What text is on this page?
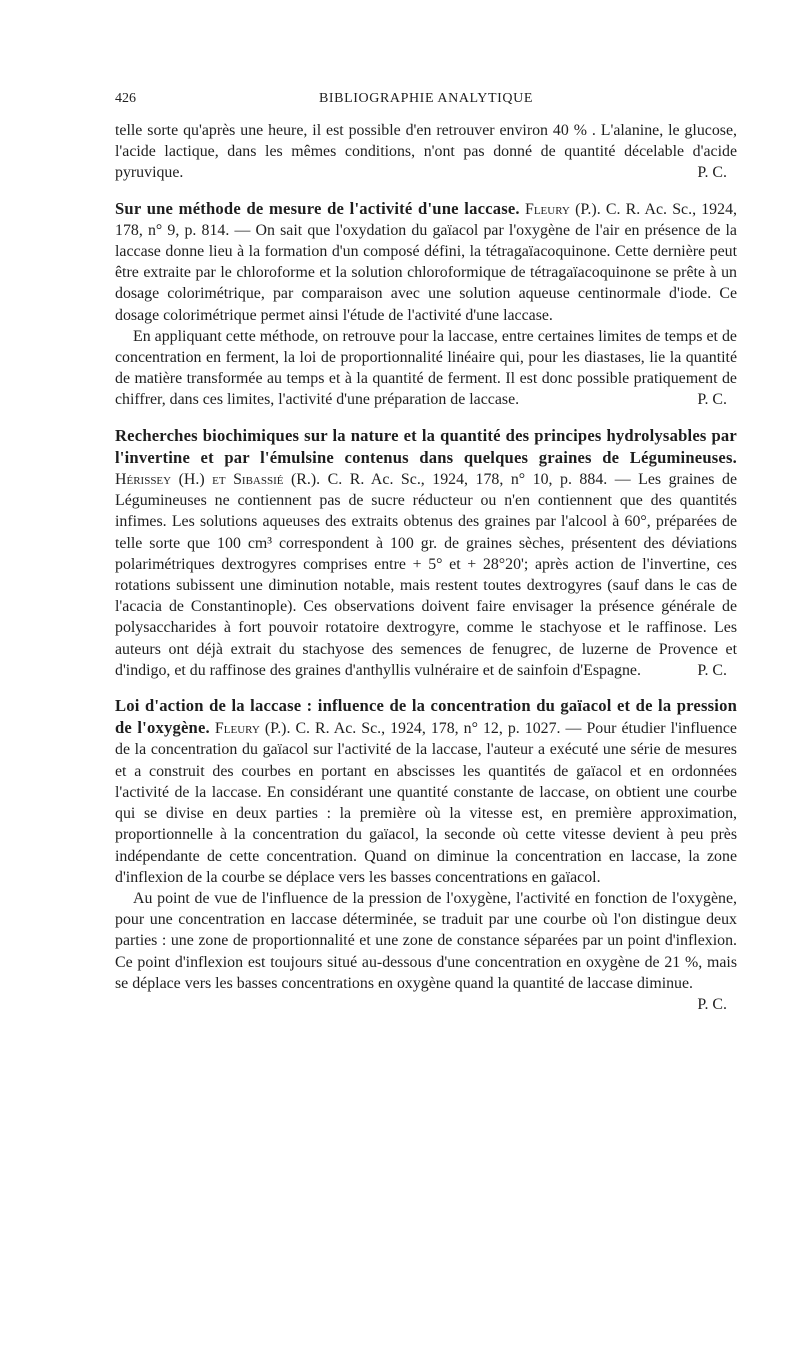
426	BIBLIOGRAPHIE ANALYTIQUE

telle sorte qu'après une heure, il est possible d'en retrouver environ 40 % . L'alanine, le glucose, l'acide lactique, dans les mêmes conditions, n'ont pas donné de quantité décelable d'acide pyruvique.	P. C.

Sur une méthode de mesure de l'activité d'une laccase. Fleury (P.). C. R. Ac. Sc., 1924, 178, n° 9, p. 814. — On sait que l'oxydation du gaïacol par l'oxygène de l'air en présence de la laccase donne lieu à la formation d'un composé défini, la tétragaïacoquinone. Cette dernière peut être extraite par le chloroforme et la solution chloroformique de tétragaïacoquinone se prête à un dosage colorimétrique, par comparaison avec une solution aqueuse centinormale d'iode. Ce dosage colorimétrique permet ainsi l'étude de l'activité d'une laccase.

En appliquant cette méthode, on retrouve pour la laccase, entre certaines limites de temps et de concentration en ferment, la loi de proportionnalité linéaire qui, pour les diastases, lie la quantité de matière transformée au temps et à la quantité de ferment. Il est donc possible pratiquement de chiffrer, dans ces limites, l'activité d'une préparation de laccase.	P. C.

Recherches biochimiques sur la nature et la quantité des principes hydrolysables par l'invertine et par l'émulsine contenus dans quelques graines de Légumineuses. Hérissey (H.) et Sibassié (R.). C. R. Ac. Sc., 1924, 178, n° 10, p. 884. — Les graines de Légumineuses ne contiennent pas de sucre réducteur ou n'en contiennent que des quantités infimes. Les solutions aqueuses des extraits obtenus des graines par l'alcool à 60°, préparées de telle sorte que 100 cm³ correspondent à 100 gr. de graines sèches, présentent des déviations polarimétriques dextrogyres comprises entre + 5° et + 28°20'; après action de l'invertine, ces rotations subissent une diminution notable, mais restent toutes dextrogyres (sauf dans le cas de l'acacia de Constantinople). Ces observations doivent faire envisager la présence générale de polysaccharides à fort pouvoir rotatoire dextrogyre, comme le stachyose et le raffinose. Les auteurs ont déjà extrait du stachyose des semences de fenugrec, de luzerne de Provence et d'indigo, et du raffinose des graines d'anthyllis vulnéraire et de sainfoin d'Espagne.	P. C.

Loi d'action de la laccase : influence de la concentration du gaïacol et de la pression de l'oxygène. Fleury (P.). C. R. Ac. Sc., 1924, 178, n° 12, p. 1027. — Pour étudier l'influence de la concentration du gaïacol sur l'activité de la laccase, l'auteur a exécuté une série de mesures et a construit des courbes en portant en abscisses les quantités de gaïacol et en ordonnées l'activité de la laccase. En considérant une quantité constante de laccase, on obtient une courbe qui se divise en deux parties : la première où la vitesse est, en première approximation, proportionnelle à la concentration du gaïacol, la seconde où cette vitesse devient à peu près indépendante de cette concentration. Quand on diminue la concentration en laccase, la zone d'inflexion de la courbe se déplace vers les basses concentrations en gaïacol.

Au point de vue de l'influence de la pression de l'oxygène, l'activité en fonction de l'oxygène, pour une concentration en laccase déterminée, se traduit par une courbe où l'on distingue deux parties : une zone de proportionnalité et une zone de constance séparées par un point d'inflexion. Ce point d'inflexion est toujours situé au-dessous d'une concentration en oxygène de 21 %, mais se déplace vers les basses concentrations en oxygène quand la quantité de laccase diminue.
P. C.
